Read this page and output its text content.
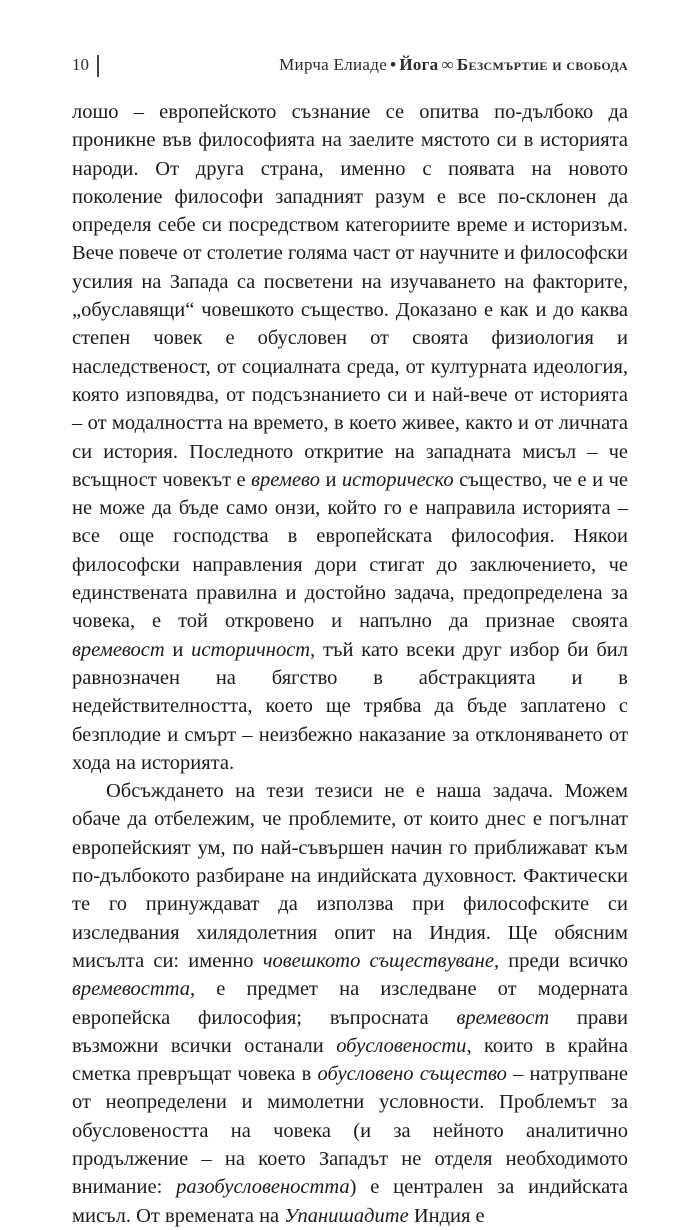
10	Мирча Елиаде • Йога ∞ Безсмъртие и свобода

лошо – европейското съзнание се опитва по-дълбоко да проникне във философията на заелите мястото си в историята народи. От друга страна, именно с появата на новото поколение философи западният разум е все по-склонен да определя себе си посредством категориите време и историзъм. Вече повече от столетие голяма част от научните и философски усилия на Запада са посветени на изучаването на факторите, „обуславящи“ човешкото същество. Доказано е как и до каква степен човек е обусловен от своята физиология и наследственост, от социалната среда, от културната идеология, която изповядва, от подсъзнанието си и най-вече от историята – от модалността на времето, в което живее, както и от личната си история. Последното откритие на западната мисъл – че всъщност човекът е времево и историческо същество, че е и че не може да бъде само онзи, който го е направила историята – все още господства в европейската философия. Някои философски направления дори стигат до заключението, че единствената правилна и достойно задача, предопределена за човека, е той откровено и напълно да признае своята времевост и историчност, тъй като всеки друг избор би бил равнозначен на бягство в абстракцията и в недействителността, което ще трябва да бъде заплатено с безплодие и смърт – неизбежно наказание за отклоняването от хода на историята.

Обсъждането на тези тезиси не е наша задача. Можем обаче да отбележим, че проблемите, от които днес е погълнат европейският ум, по най-съвършен начин го приближават към по-дълбокото разбиране на индийската духовност. Фактически те го принуждават да използва при философските си изследвания хилядолетния опит на Индия. Ще обясним мисълта си: именно човешкото съществуване, преди всичко времевостта, е предмет на изследване от модерната европейска философия; въпросната времевост прави възможни всички останали обусловености, които в крайна сметка превръщат човека в обусловено същество – натрупване от неопределени и мимолетни условности. Проблемът за обусловеността на човека (и за нейното аналитично продължение – на което Западът не отделя необходимото внимание: разобусловеността) е централен за индийската мисъл. От времената на Упанишадите Индия е
